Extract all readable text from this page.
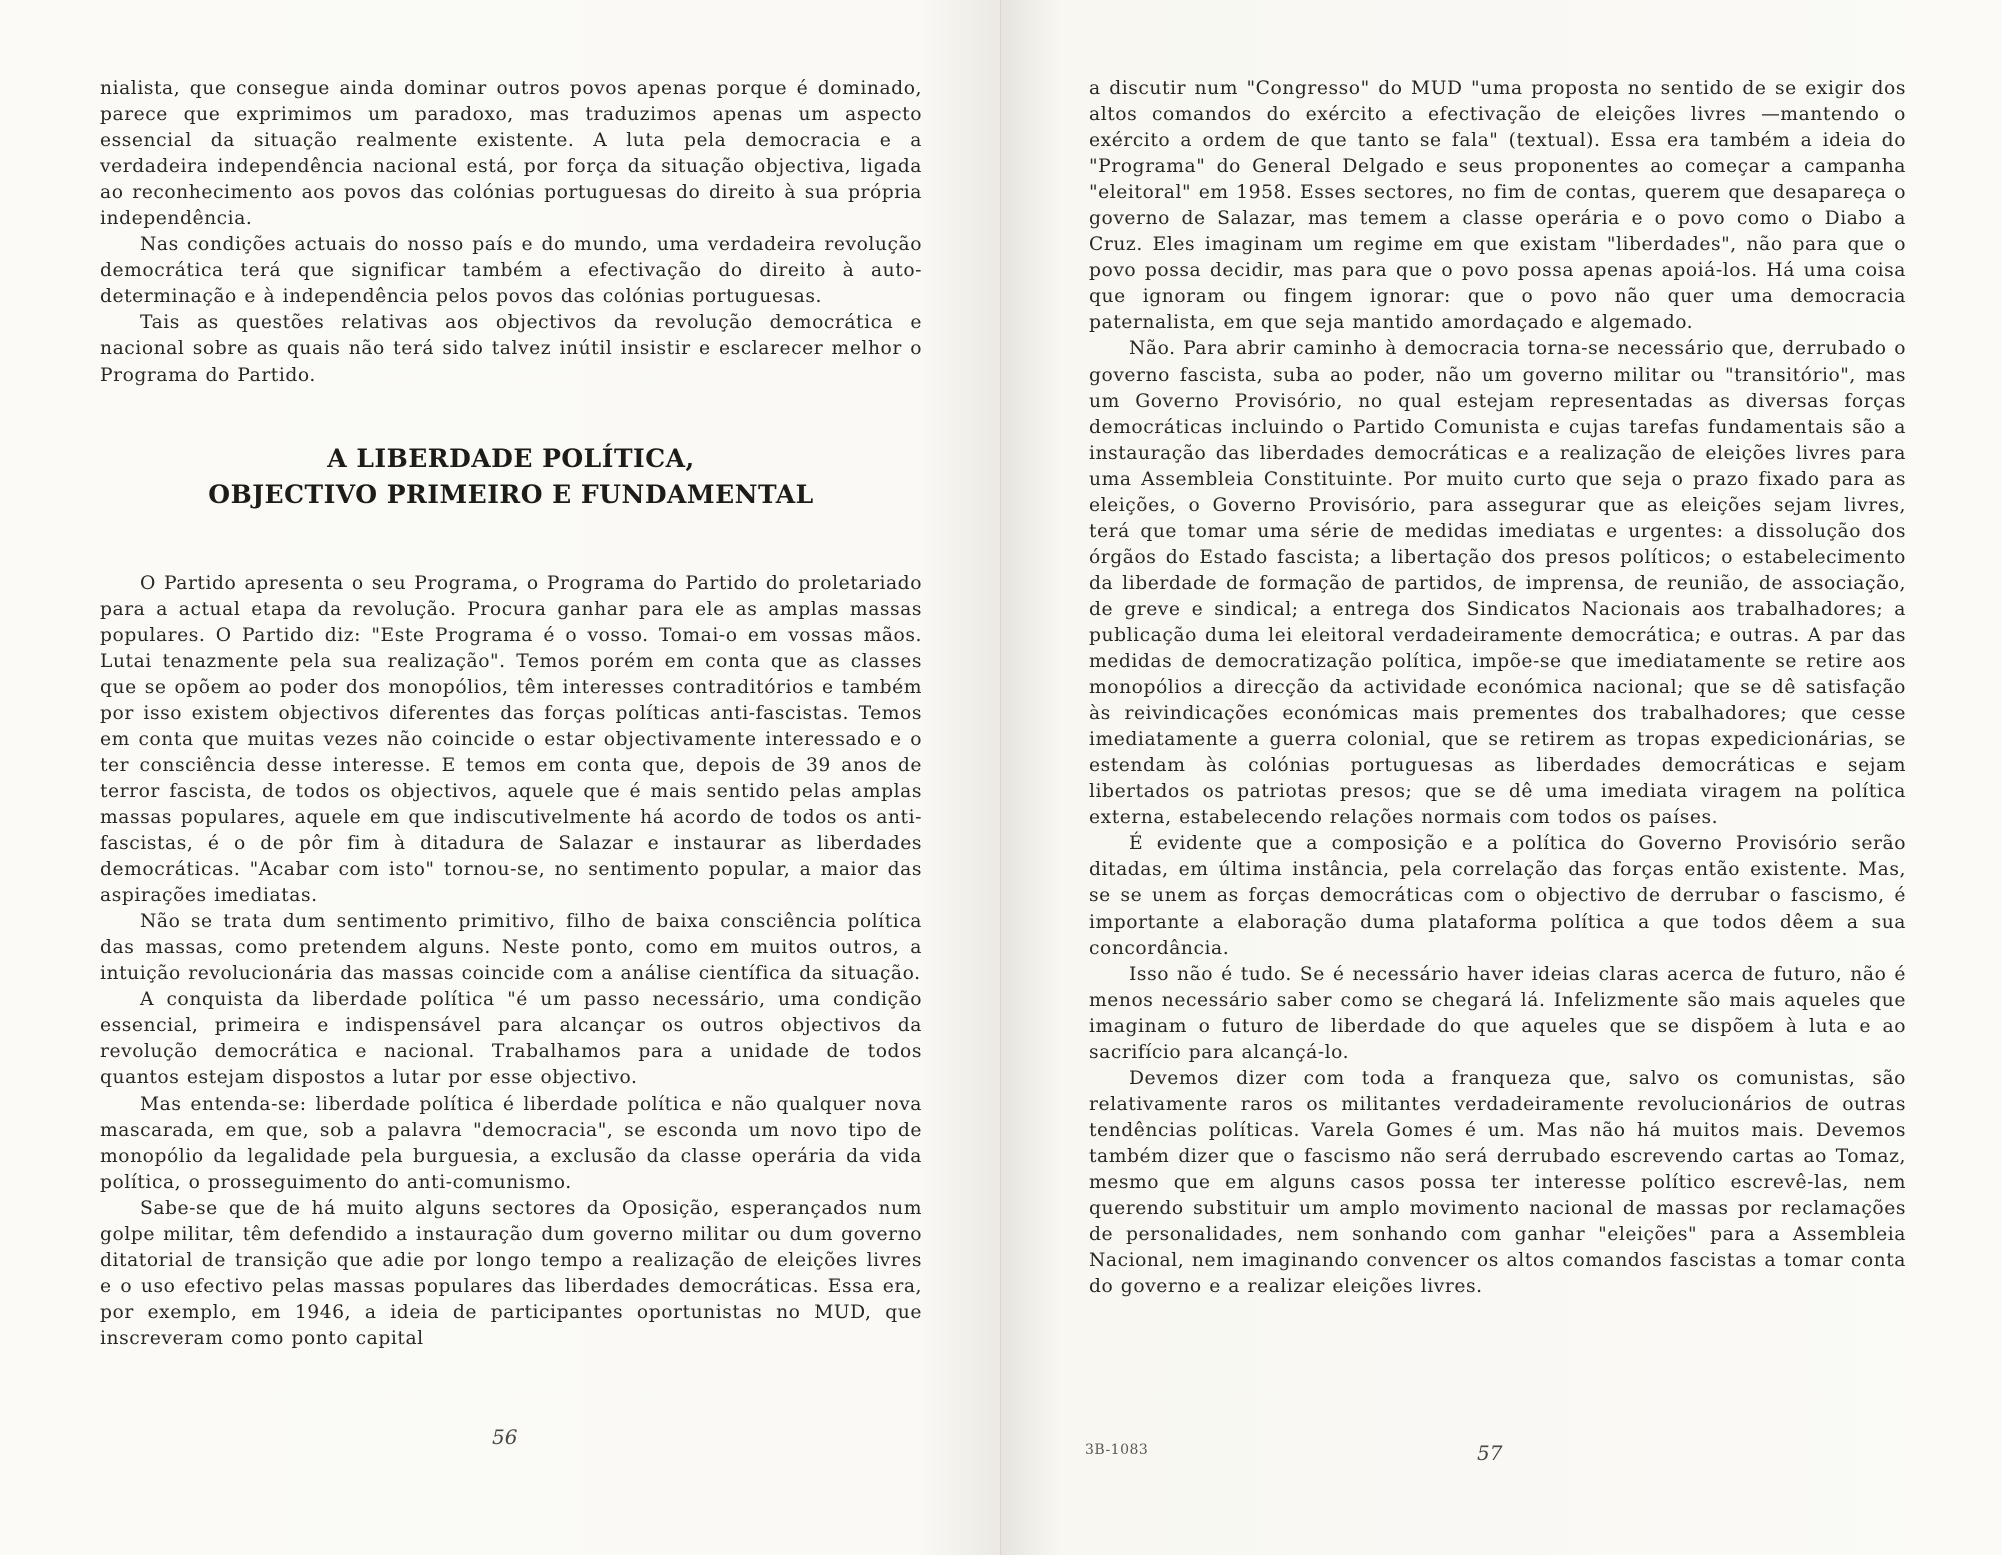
nialista, que consegue ainda dominar outros povos apenas porque é dominado, parece que exprimimos um paradoxo, mas traduzimos apenas um aspecto essencial da situação realmente existente. A luta pela democracia e a verdadeira independência nacional está, por força da situação objectiva, ligada ao reconhecimento aos povos das colónias portuguesas do direito à sua própria independência.

Nas condições actuais do nosso país e do mundo, uma verdadeira revolução democrática terá que significar também a efectivação do direito à auto-determinação e à independência pelos povos das colónias portuguesas.

Tais as questões relativas aos objectivos da revolução democrática e nacional sobre as quais não terá sido talvez inútil insistir e esclarecer melhor o Programa do Partido.

A LIBERDADE POLÍTICA,
OBJECTIVO PRIMEIRO E FUNDAMENTAL

O Partido apresenta o seu Programa, o Programa do Partido do proletariado para a actual etapa da revolução. Procura ganhar para ele as amplas massas populares. O Partido diz: "Este Programa é o vosso. Tomai-o em vossas mãos. Lutai tenazmente pela sua realização". Temos porém em conta que as classes que se opõem ao poder dos monopólios, têm interesses contraditórios e também por isso existem objectivos diferentes das forças políticas anti-fascistas. Temos em conta que muitas vezes não coincide o estar objectivamente interessado e o ter consciência desse interesse. E temos em conta que, depois de 39 anos de terror fascista, de todos os objectivos, aquele que é mais sentido pelas amplas massas populares, aquele em que indiscutivelmente há acordo de todos os anti-fascistas, é o de pôr fim à ditadura de Salazar e instaurar as liberdades democráticas. "Acabar com isto" tornou-se, no sentimento popular, a maior das aspirações imediatas.

Não se trata dum sentimento primitivo, filho de baixa consciência política das massas, como pretendem alguns. Neste ponto, como em muitos outros, a intuição revolucionária das massas coincide com a análise científica da situação.

A conquista da liberdade política "é um passo necessário, uma condição essencial, primeira e indispensável para alcançar os outros objectivos da revolução democrática e nacional. Trabalhamos para a unidade de todos quantos estejam dispostos a lutar por esse objectivo.

Mas entenda-se: liberdade política é liberdade política e não qualquer nova mascarada, em que, sob a palavra "democracia", se esconda um novo tipo de monopólio da legalidade pela burguesia, a exclusão da classe operária da vida política, o prosseguimento do anti-comunismo.

Sabe-se que de há muito alguns sectores da Oposição, esperançados num golpe militar, têm defendido a instauração dum governo militar ou dum governo ditatorial de transição que adie por longo tempo a realização de eleições livres e o uso efectivo pelas massas populares das liberdades democráticas. Essa era, por exemplo, em 1946, a ideia de participantes oportunistas no MUD, que inscreveram como ponto capital

56

a discutir num "Congresso" do MUD "uma proposta no sentido de se exigir dos altos comandos do exército a efectivação de eleições livres —mantendo o exército a ordem de que tanto se fala" (textual). Essa era também a ideia do "Programa" do General Delgado e seus proponentes ao começar a campanha "eleitoral" em 1958. Esses sectores, no fim de contas, querem que desapareça o governo de Salazar, mas temem a classe operária e o povo como o Diabo a Cruz. Eles imaginam um regime em que existam "liberdades", não para que o povo possa decidir, mas para que o povo possa apenas apoiá-los. Há uma coisa que ignoram ou fingem ignorar: que o povo não quer uma democracia paternalista, em que seja mantido amordaçado e algemado.

Não. Para abrir caminho à democracia torna-se necessário que, derrubado o governo fascista, suba ao poder, não um governo militar ou "transitório", mas um Governo Provisório, no qual estejam representadas as diversas forças democráticas incluindo o Partido Comunista e cujas tarefas fundamentais são a instauração das liberdades democráticas e a realização de eleições livres para uma Assembleia Constituinte. Por muito curto que seja o prazo fixado para as eleições, o Governo Provisório, para assegurar que as eleições sejam livres, terá que tomar uma série de medidas imediatas e urgentes: a dissolução dos órgãos do Estado fascista; a libertação dos presos políticos; o estabelecimento da liberdade de formação de partidos, de imprensa, de reunião, de associação, de greve e sindical; a entrega dos Sindicatos Nacionais aos trabalhadores; a publicação duma lei eleitoral verdadeiramente democrática; e outras. A par das medidas de democratização política, impõe-se que imediatamente se retire aos monopólios a direcção da actividade económica nacional; que se dê satisfação às reivindicações económicas mais prementes dos trabalhadores; que cesse imediatamente a guerra colonial, que se retirem as tropas expedicionárias, se estendam às colónias portuguesas as liberdades democráticas e sejam libertados os patriotas presos; que se dê uma imediata viragem na política externa, estabelecendo relações normais com todos os países.

É evidente que a composição e a política do Governo Provisório serão ditadas, em última instância, pela correlação das forças então existente. Mas, se se unem as forças democráticas com o objectivo de derrubar o fascismo, é importante a elaboração duma plataforma política a que todos dêem a sua concordância.

Isso não é tudo. Se é necessário haver ideias claras acerca de futuro, não é menos necessário saber como se chegará lá. Infelizmente são mais aqueles que imaginam o futuro de liberdade do que aqueles que se dispõem à luta e ao sacrifício para alcançá-lo.

Devemos dizer com toda a franqueza que, salvo os comunistas, são relativamente raros os militantes verdadeiramente revolucionários de outras tendências políticas. Varela Gomes é um. Mas não há muitos mais. Devemos também dizer que o fascismo não será derrubado escrevendo cartas ao Tomaz, mesmo que em alguns casos possa ter interesse político escrevê-las, nem querendo substituir um amplo movimento nacional de massas por reclamações de personalidades, nem sonhando com ganhar "eleições" para a Assembleia Nacional, nem imaginando convencer os altos comandos fascistas a tomar conta do governo e a realizar eleições livres.

3B-1083	57
